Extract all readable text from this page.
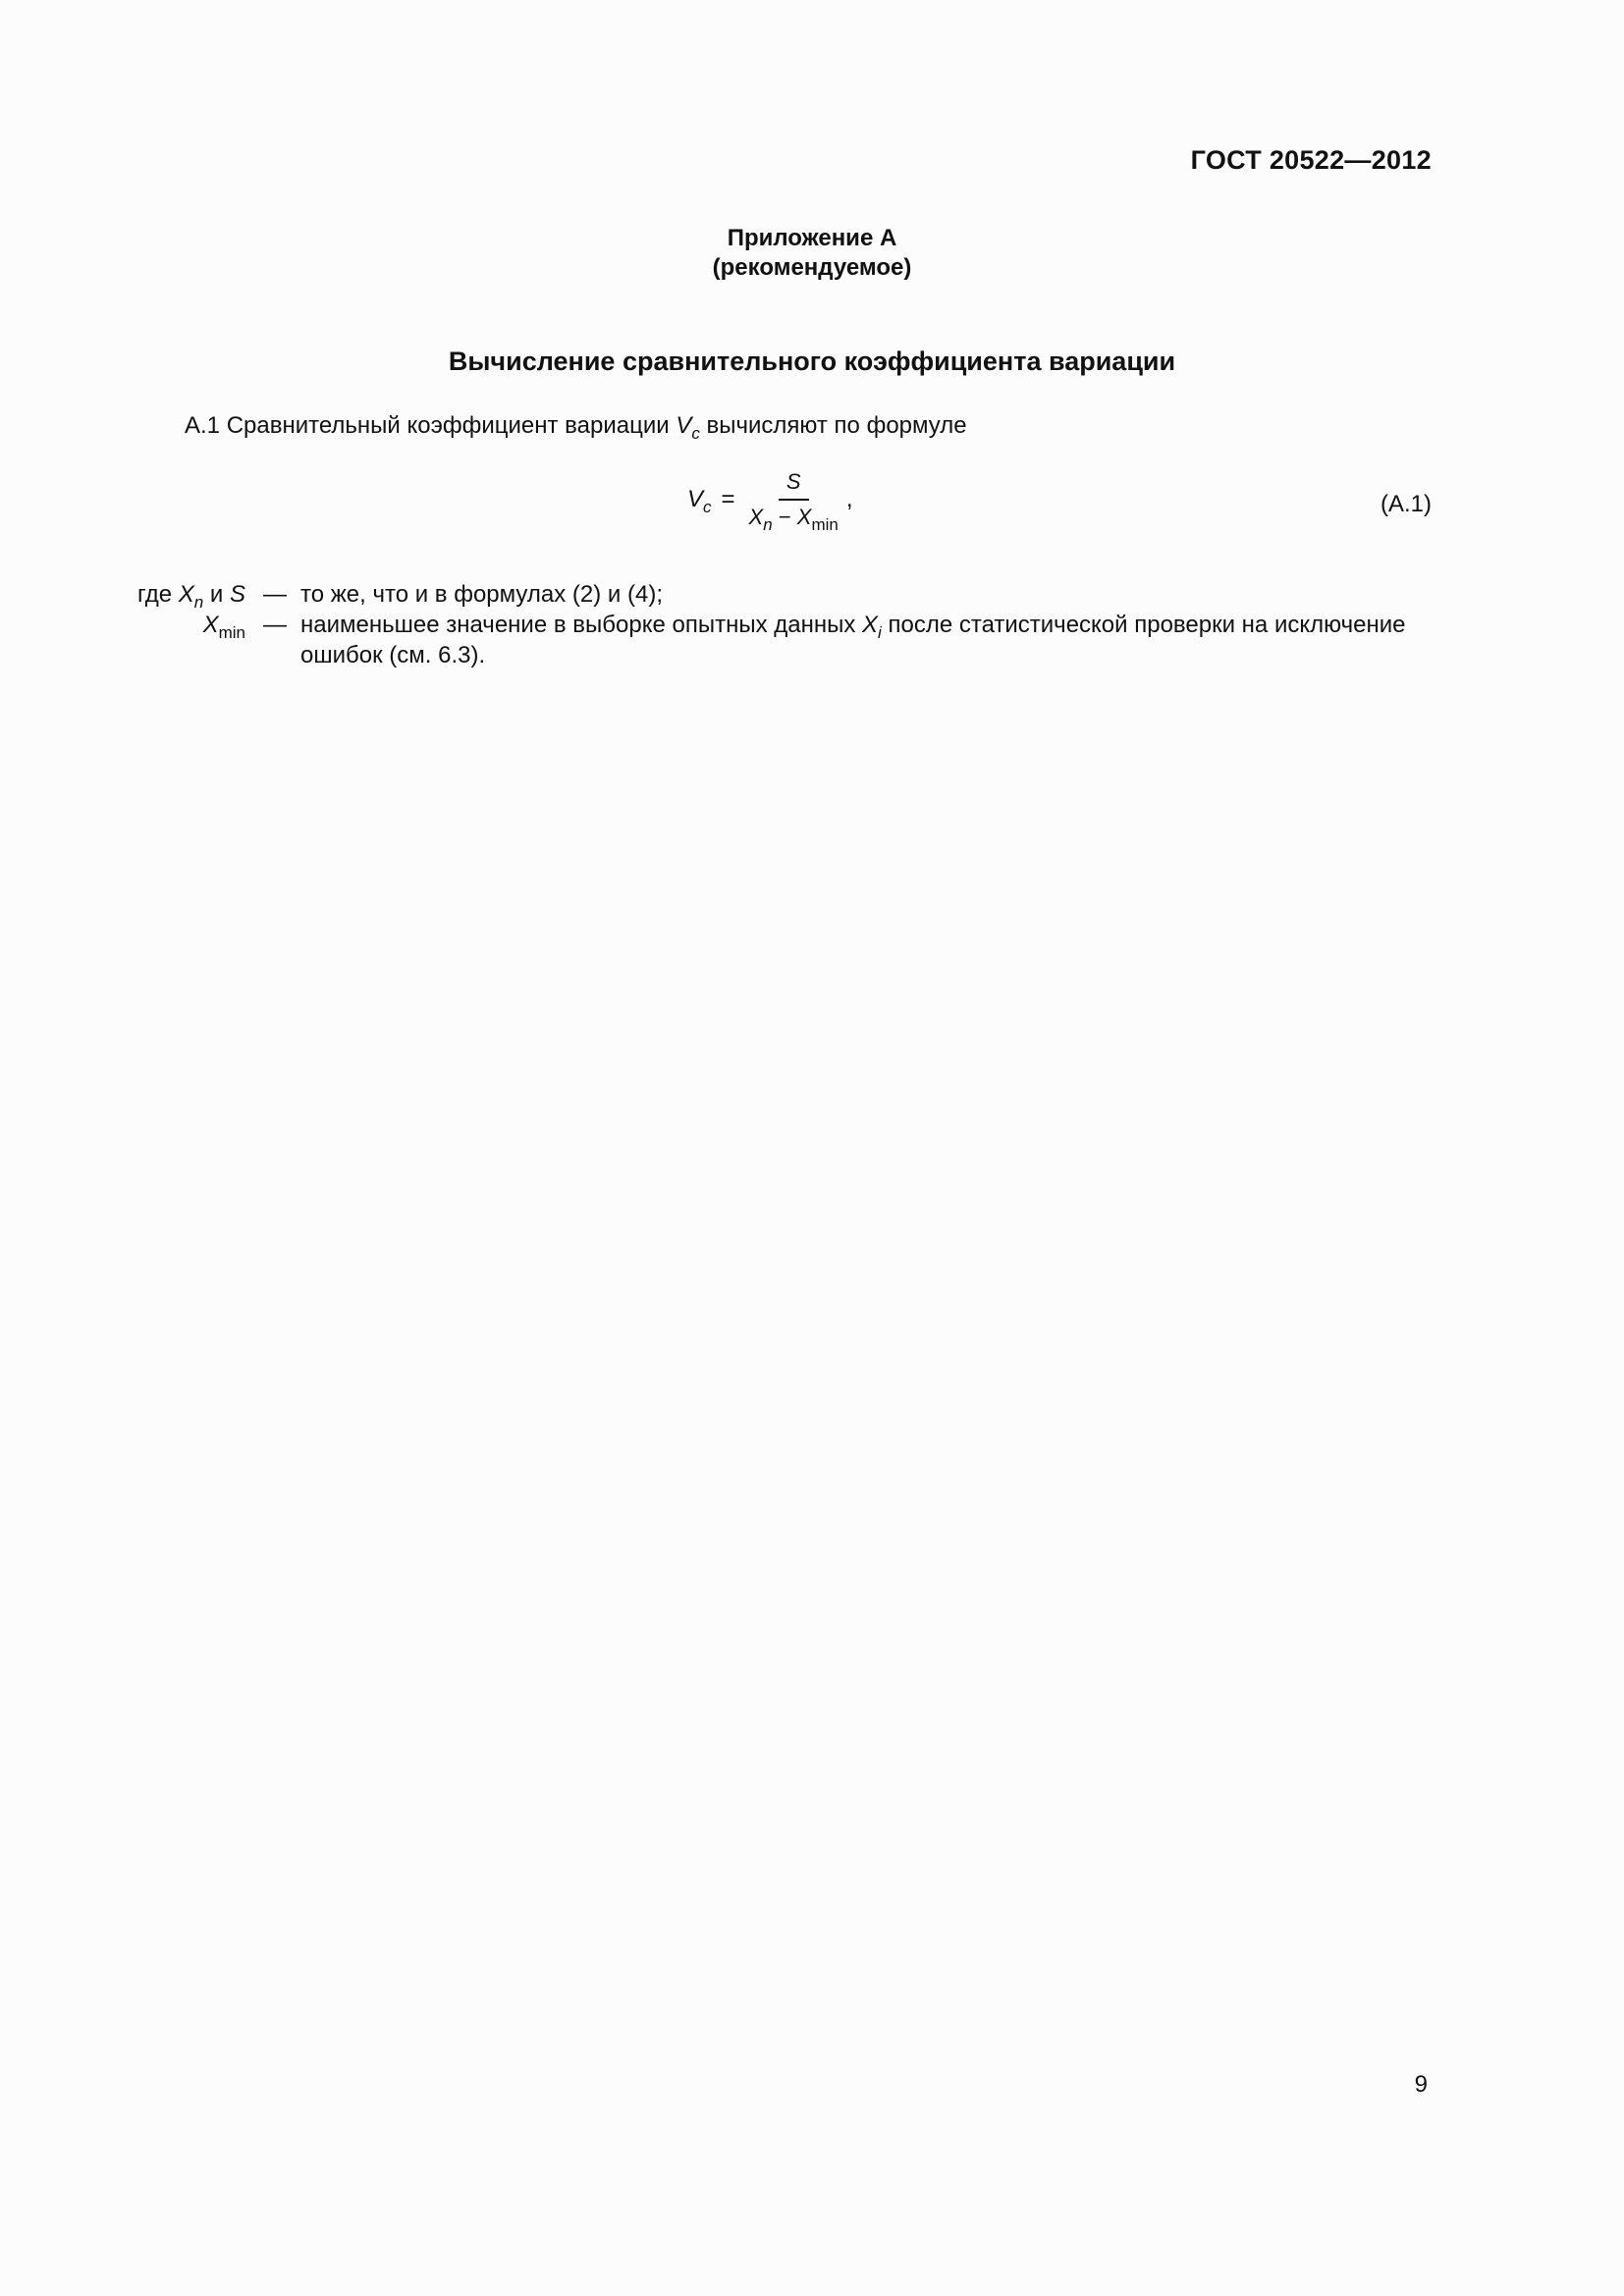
ГОСТ 20522—2012
Приложение А
(рекомендуемое)
Вычисление сравнительного коэффициента вариации
А.1 Сравнительный коэффициент вариации $V_c$ вычисляют по формуле
$V_c = \frac{S}{X_n - X_{min}}$ ,	(А.1)
где $X_n$ и S — то же, что и в формулах (2) и (4);
$X_{min}$ — наименьшее значение в выборке опытных данных $X_i$ после статистической проверки на исключение ошибок (см. 6.3).
9
